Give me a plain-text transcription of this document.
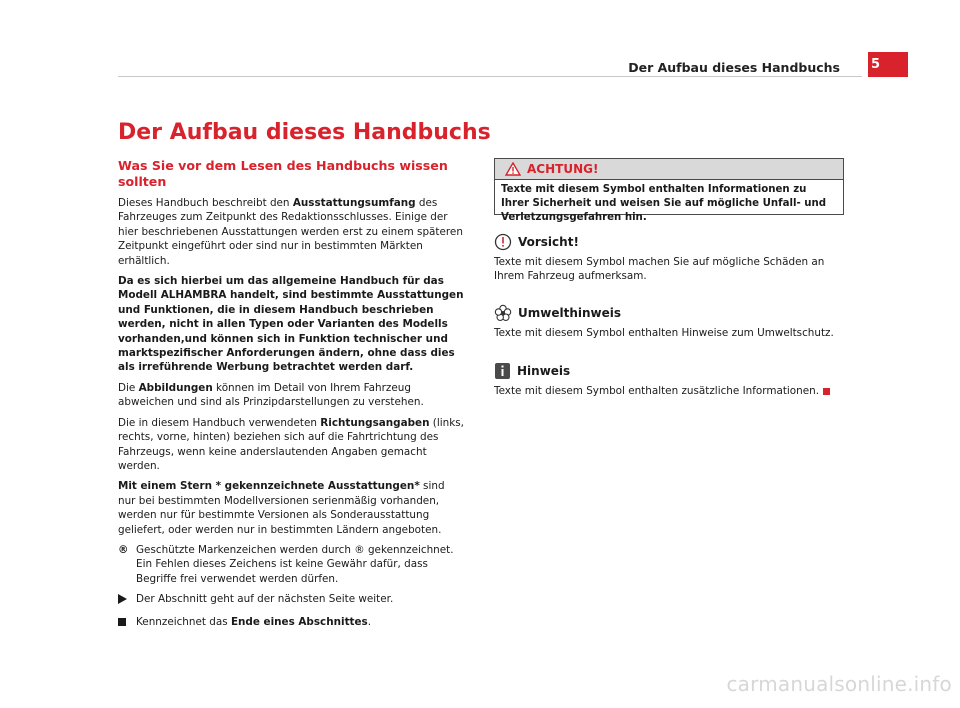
Der Aufbau dieses Handbuchs 5
Der Aufbau dieses Handbuchs
Was Sie vor dem Lesen des Handbuchs wissen sollten

Dieses Handbuch beschreibt den Ausstattungsumfang des Fahrzeuges zum Zeitpunkt des Redaktionsschlusses. Einige der hier beschriebenen Ausstattungen werden erst zu einem späteren Zeitpunkt eingeführt oder sind nur in bestimmten Märkten erhältlich.

Da es sich hierbei um das allgemeine Handbuch für das Modell ALHAMBRA handelt, sind bestimmte Ausstattungen und Funktionen, die in diesem Handbuch beschrieben werden, nicht in allen Typen oder Varianten des Modells vorhanden,und können sich in Funktion technischer und marktspezifischer Anforderungen ändern, ohne dass dies als irreführende Werbung betrachtet werden darf.

Die Abbildungen können im Detail von Ihrem Fahrzeug abweichen und sind als Prinzipdarstellungen zu verstehen.

Die in diesem Handbuch verwendeten Richtungsangaben (links, rechts, vorne, hinten) beziehen sich auf die Fahrtrichtung des Fahrzeugs, wenn keine anderslautenden Angaben gemacht werden.

Mit einem Stern * gekennzeichnete Ausstattungen* sind nur bei bestimmten Modellversionen serienmäßig vorhanden, werden nur für bestimmte Versionen als Sonderausstattung geliefert, oder werden nur in bestimmten Ländern angeboten.

® Geschützte Markenzeichen werden durch ® gekennzeichnet. Ein Fehlen dieses Zeichens ist keine Gewähr dafür, dass Begriffe frei verwendet werden dürfen.
Der Abschnitt geht auf der nächsten Seite weiter.
Kennzeichnet das Ende eines Abschnittes.
ACHTUNG!
Texte mit diesem Symbol enthalten Informationen zu Ihrer Sicherheit und weisen Sie auf mögliche Unfall- und Verletzungsgefahren hin.
Vorsicht!

Texte mit diesem Symbol machen Sie auf mögliche Schäden an Ihrem Fahrzeug aufmerksam.

Umwelthinweis

Texte mit diesem Symbol enthalten Hinweise zum Umweltschutz.

Hinweis

Texte mit diesem Symbol enthalten zusätzliche Informationen.

carmanualsonline.info
